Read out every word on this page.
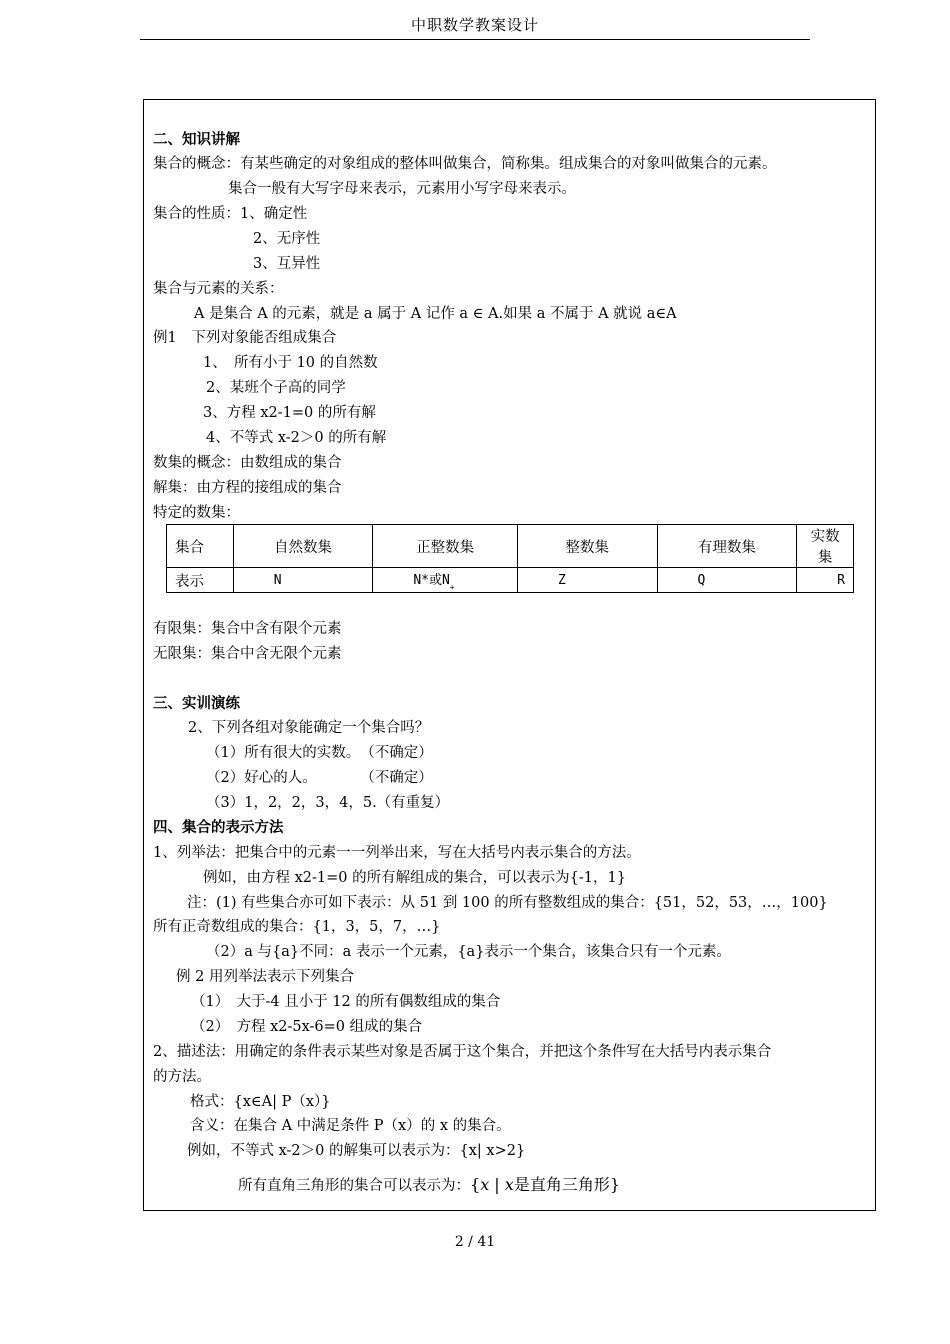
中职数学教案设计
二、知识讲解
集合的概念：有某些确定的对象组成的整体叫做集合，简称集。组成集合的对象叫做集合的元素。
集合一般有大写字母来表示，元素用小写字母来表示。
集合的性质：1、确定性
2、无序性
3、互异性
集合与元素的关系：
A 是集合 A 的元素，就是 a 属于 A 记作 a ∈ A.如果 a 不属于 A 就说 a∈A
例1　下列对象能否组成集合
1、　所有小于 10 的自然数
2、某班个子高的同学
3、方程 x2-1=0 的所有解
4、不等式 x-2＞0 的所有解
数集的概念：由数组成的集合
解集：由方程的接组成的集合
特定的数集：
有限集：集合中含有限个元素
无限集：集合中含无限个元素
三、实训演练
2、下列各组对象能确定一个集合吗？
（1）所有很大的实数。　（不确定）
（2）好心的人。　　　　（不确定）
（3）1，2，2，3，4，5.（有重复）
四、集合的表示方法
1、列举法：把集合中的元素一一列举出来，写在大括号内表示集合的方法。
例如，由方程 x2-1=0 的所有解组成的集合，可以表示为{-1，1}
注：(1) 有些集合亦可如下表示：从 51 到 100 的所有整数组成的集合：{51，52，53，…，100}
所有正奇数组成的集合：{1，3，5，7，…}
（2）a 与{a}不同：a 表示一个元素，{a}表示一个集合，该集合只有一个元素。
例 2 用列举法表示下列集合
（1）　大于-4 且小于 12 的所有偶数组成的集合
（2）　方程 x2-5x-6=0 组成的集合
2、描述法：用确定的条件表示某些对象是否属于这个集合，并把这个条件写在大括号内表示集合
的方法。
格式：{x∈A| P（x）}
含义：在集合 A 中满足条件 P（x）的 x 的集合。
例如，不等式 x-2＞0 的解集可以表示为：{x| x>2}
集合	自然数集	正整数集	整数集	有理数集	实数集
表示	N	N*或$N_+$	Z	Q	R
所有直角三角形的集合可以表示为：{x | x是直角三角形}
2 / 41
